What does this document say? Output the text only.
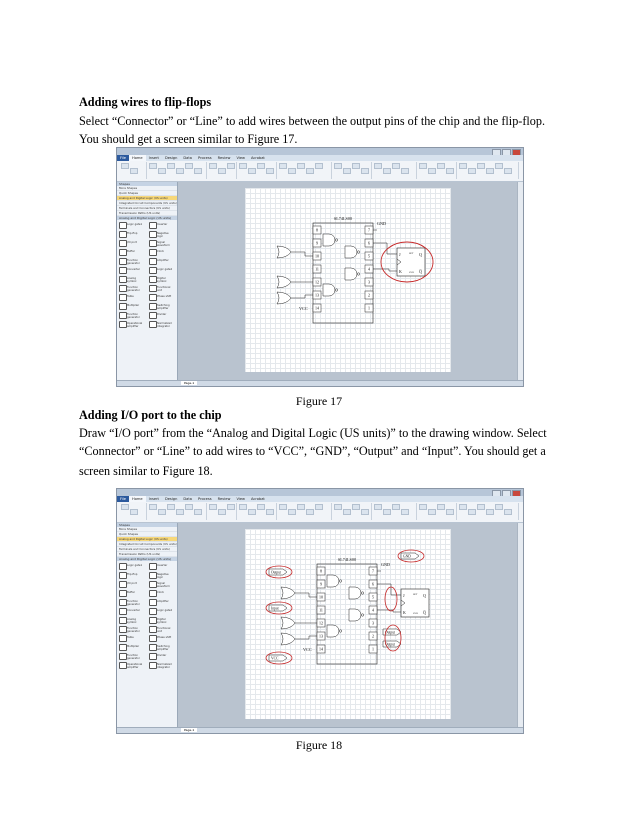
Adding wires to flip-flops
Select “Connector” or “Line” to add wires between the output pins of the chip and the flip-flop.
You should get a screen similar to Figure 17.
File	Home	Insert	Design	Data	Process	Review	View	Acrobat
Shapes
More Shapes
Quick Shapes
Analog and Digital Logic (US units)
Integrated Circuit Components (US units)
Terminals and Connectors (US units)
Transmission Paths (US units)
Analog and Digital Logic (US units)
Logic gate1	Inverter
Flip-flop	Negative logic
I/O port	Signal waveform
Buffer	Clock
Function generator
Amplifier
Converter	Logic gate2
Analog symbol
Digital symbol
Function generator
Functional unit
Table	Phase shift
Multiplier	Switching amplifier
Function generator
Divider
Operational amplifier
Normalized integrator
Page-1
SL74LS00
8	7
9	6
10	5
11	4
12	3
13	2
14	1
GND
VCC
J	SET Q
K	CLR Q̅
Figure 17
Adding I/O port to the chip
Draw “I/O port” from the “Analog and Digital Logic (US units)” to the drawing window. Select
“Connector” or “Line” to add wires to “VCC”, “GND”, “Output” and “Input”. You should get a
screen similar to Figure 18.
File	Home	Insert	Design	Data	Process	Review	View	Acrobat
Shapes
More Shapes
Quick Shapes
Analog and Digital Logic (US units)
Integrated Circuit Components (US units)
Terminals and Connectors (US units)
Transmission Paths (US units)
Analog and Digital Logic (US units)
Logic gate1	Inverter
Flip-flop	Negative logic
I/O port	Signal waveform
Buffer	Clock
Function generator
Amplifier
Converter	Logic gate2
Analog symbol
Digital symbol
Function generator
Functional unit
Table	Phase shift
Multiplier	Switching amplifier
Function generator
Divider
Operational amplifier
Normalized integrator
Page-1
SL74LS00
8	7
9	6
10	5
11	4
12	3
13	2
14	1
GND
VCC
J	SET Q
K	CLR Q̅
Output
Input
VCC
GND
Output
Output
Figure 18
